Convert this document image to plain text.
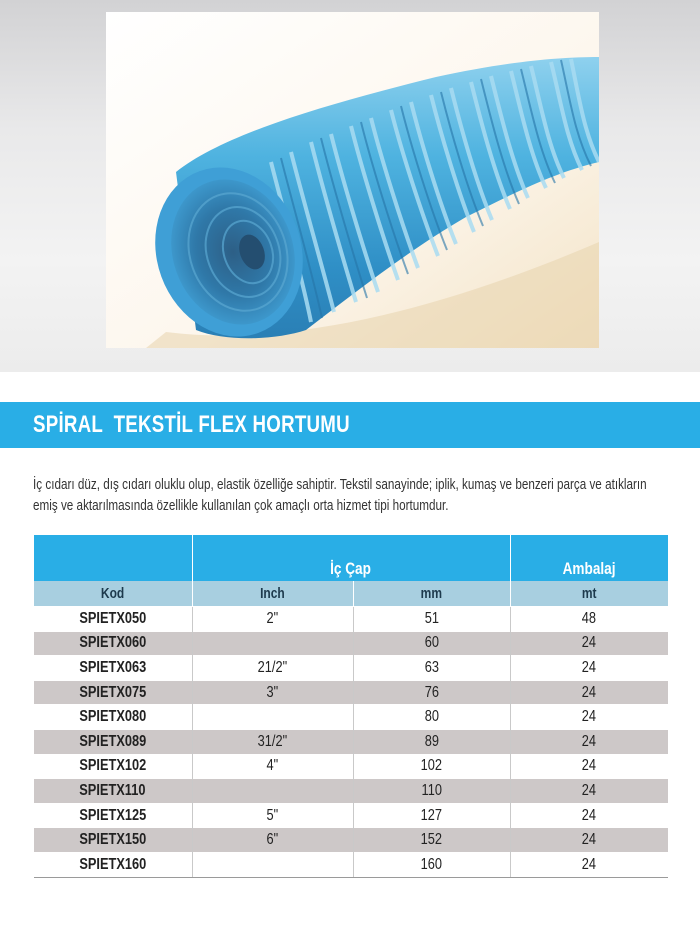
SPİRAL  TEKSTİL FLEX HORTUMU

İç cıdarı düz, dış cıdarı oluklu olup, elastik özelliğe sahiptir. Tekstil sanayinde; iplik, kumaş ve benzeri parça ve atıkların

emiş ve aktarılmasında özellikle kullanılan çok amaçlı orta hizmet tipi hortumdur.

	İç Çap		Ambalaj
Kod	Inch	mm	mt
SPIETX050	2"	51	48
SPIETX060		60	24
SPIETX063	21/2"	63	24
SPIETX075	3"	76	24
SPIETX080		80	24
SPIETX089	31/2"	89	24
SPIETX102	4"	102	24
SPIETX110		110	24
SPIETX125	5"	127	24
SPIETX150	6"	152	24
SPIETX160		160	24
